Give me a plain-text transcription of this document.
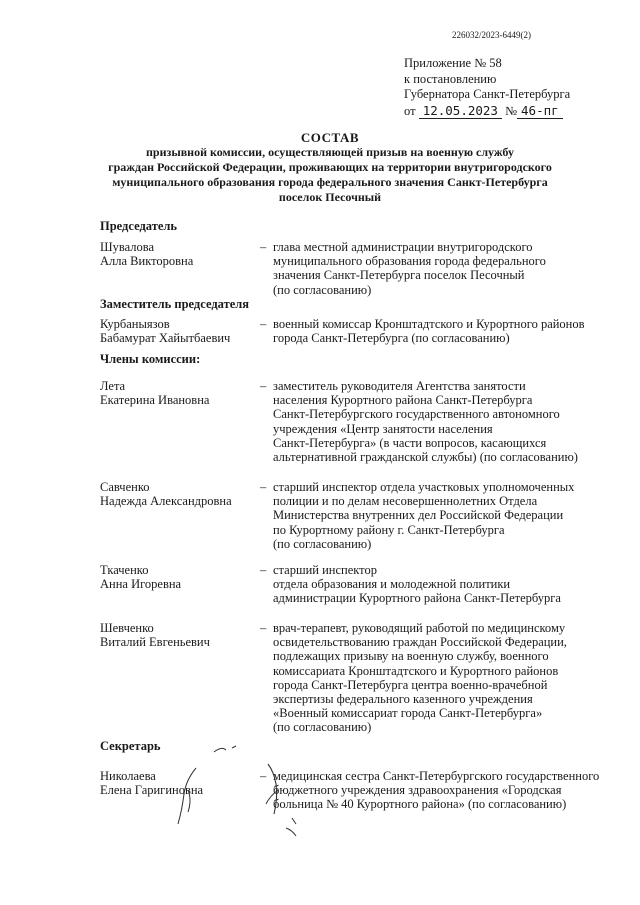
226032/2023-6449(2)
Приложение № 58
к постановлению
Губернатора Санкт-Петербурга
от 12.05.2023 № 46-пг
СОСТАВ
призывной комиссии, осуществляющей призыв на военную службу
граждан Российской Федерации, проживающих на территории внутригородского
муниципального образования города федерального значения Санкт-Петербурга
поселок Песочный
Председатель
Шувалова
Алла Викторовна
– глава местной администрации внутригородского
муниципального образования города федерального
значения Санкт-Петербурга поселок Песочный
(по согласованию)
Заместитель председателя
Курбаныязов
Бабамурат Хайытбаевич
– военный комиссар Кронштадтского и Курортного районов
города Санкт-Петербурга (по согласованию)
Члены комиссии:
Лета
Екатерина Ивановна
– заместитель руководителя Агентства занятости
населения Курортного района Санкт-Петербурга
Санкт-Петербургского государственного автономного
учреждения «Центр занятости населения
Санкт-Петербурга» (в части вопросов, касающихся
альтернативной гражданской службы) (по согласованию)
Савченко
Надежда Александровна
– старший инспектор отдела участковых уполномоченных
полиции и по делам несовершеннолетних Отдела
Министерства внутренних дел Российской Федерации
по Курортному району г. Санкт-Петербурга
(по согласованию)
Ткаченко
Анна Игоревна
– старший инспектор
отдела образования и молодежной политики
администрации Курортного района Санкт-Петербурга
Шевченко
Виталий Евгеньевич
– врач-терапевт, руководящий работой по медицинскому
освидетельствованию граждан Российской Федерации,
подлежащих призыву на военную службу, военного
комиссариата Кронштадтского и Курортного районов
города Санкт-Петербурга центра военно-врачебной
экспертизы федерального казенного учреждения
«Военный комиссариат города Санкт-Петербурга»
(по согласованию)
Секретарь
Николаева
Елена Гаригиновна
– медицинская сестра Санкт-Петербургского государственного
бюджетного учреждения здравоохранения «Городская
больница № 40 Курортного района» (по согласованию)
